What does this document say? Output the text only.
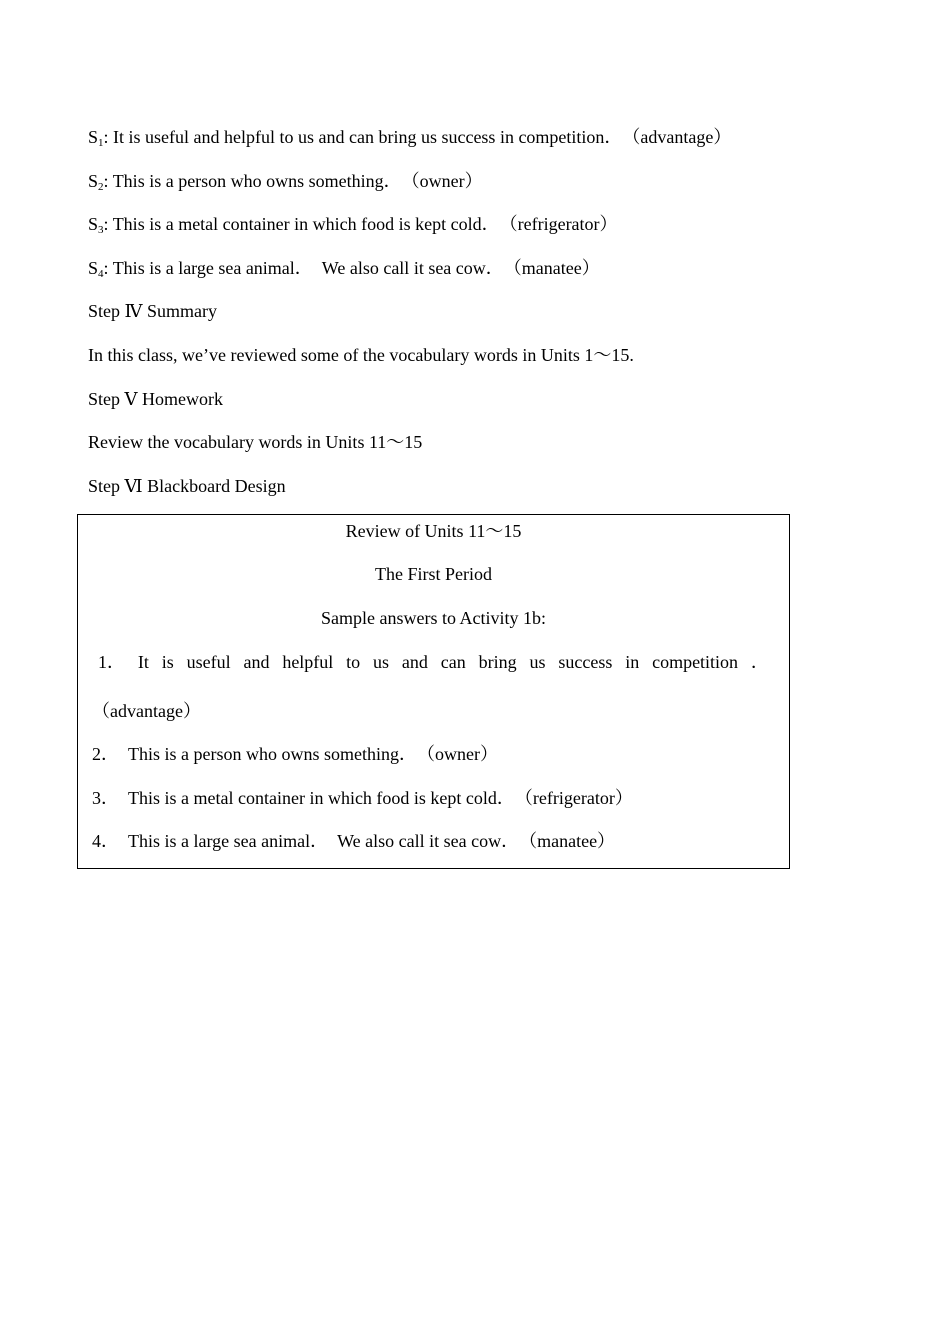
$S_1$: It is useful and helpful to us and can bring us success in competition．　（advantage）
$S_2$: This is a person who owns something．　（owner）
$S_3$: This is a metal container in which food is kept cold．　（refrigerator）
$S_4$: This is a large sea animal．　We also call it sea cow．　（manatee）
Step Ⅳ Summary
In this class, we’ve reviewed some of the vocabulary words in Units 1～15.
Step Ⅴ Homework
Review the vocabulary words in Units 11～15
Step Ⅵ Blackboard Design
Review of Units 11～15
The First Period
Sample answers to Activity 1b:
1． It is useful and helpful to us and can bring us success in competition ．
（advantage）
2． This is a person who owns something．　（owner）
3． This is a metal container in which food is kept cold．　（refrigerator）
4． This is a large sea animal．　We also call it sea cow．　（manatee）
